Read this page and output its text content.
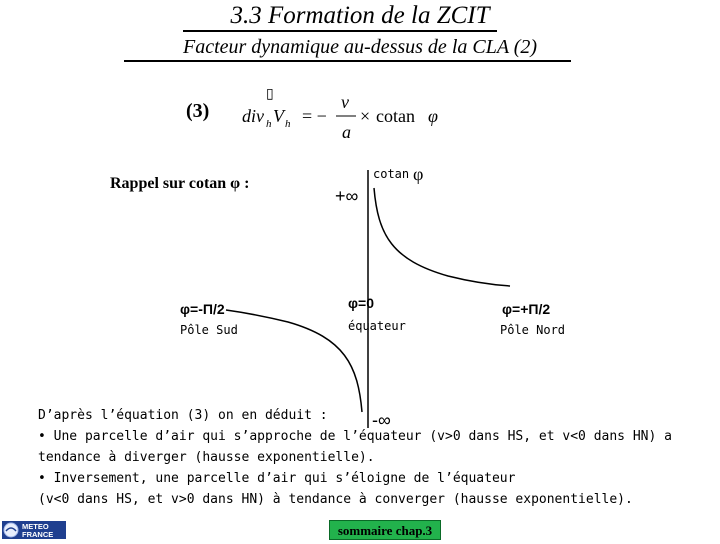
3.3 Formation de la ZCIT
Facteur dynamique au-dessus de la CLA (2)
(3)
▯
div h V h = −
v
a
× cotan φ
Rappel sur cotan φ :
cotan φ
+∞
φ=0
équateur
φ=-Π/2
Pôle Sud
φ=+Π/2
Pôle Nord
-∞
D’après l’équation (3) on en déduit :
• Une parcelle d’air qui s’approche de l’équateur (v>0 dans HS, et v<0 dans HN) a
tendance à diverger (hausse exponentielle).
• Inversement, une parcelle d’air qui s’éloigne de l’équateur
(v<0 dans HS, et v>0 dans HN) à tendance à converger (hausse exponentielle).
METEO
FRANCE	sommaire chap.3
